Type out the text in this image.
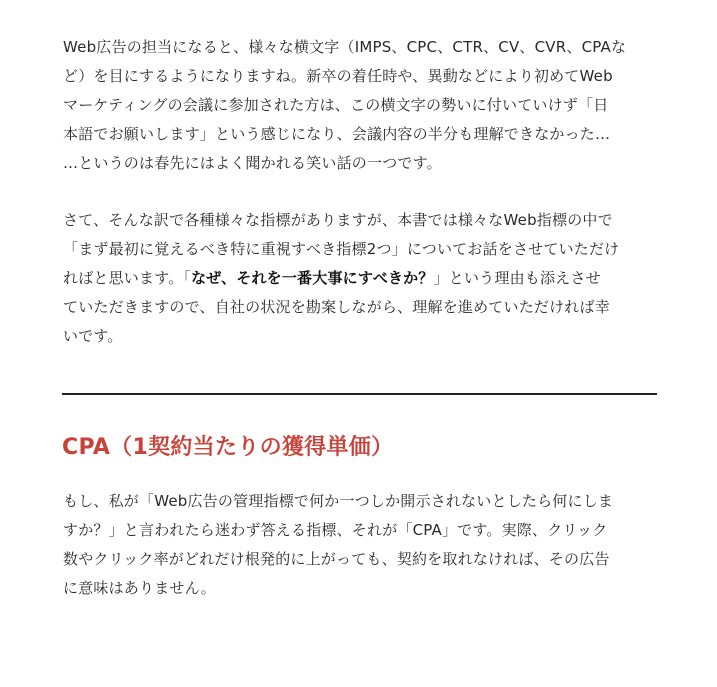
Web広告の担当になると、様々な横文字（IMPS、CPC、CTR、CV、CVR、CPAな
ど）を目にするようになりますね。新卒の着任時や、異動などにより初めてWeb
マーケティングの会議に参加された方は、この横文字の勢いに付いていけず「日
本語でお願いします」という感じになり、会議内容の半分も理解できなかった…
…というのは春先にはよく聞かれる笑い話の一つです。

さて、そんな訳で各種様々な指標がありますが、本書では様々なWeb指標の中で
「まず最初に覚えるべき特に重視すべき指標2つ」についてお話をさせていただけ
ればと思います。「なぜ、それを一番大事にすべきか？」という理由も添えさせ
ていただきますので、自社の状況を勘案しながら、理解を進めていただければ幸
いです。

CPA（1契約当たりの獲得単価）

もし、私が「Web広告の管理指標で何か一つしか開示されないとしたら何にしま
すか？」と言われたら迷わず答える指標、それが「CPA」です。実際、クリック
数やクリック率がどれだけ根発的に上がっても、契約を取れなければ、その広告
に意味はありません。
